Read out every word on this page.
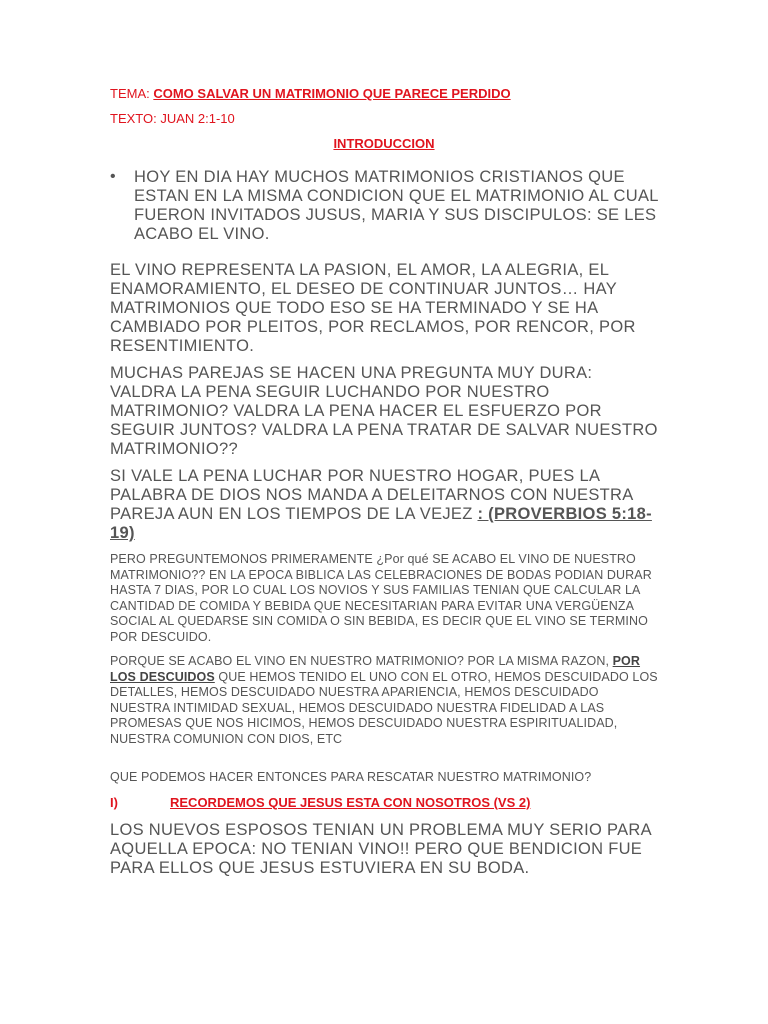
TEMA: COMO SALVAR UN MATRIMONIO QUE PARECE PERDIDO
TEXTO: JUAN 2:1-10
INTRODUCCION
• HOY EN DIA HAY MUCHOS MATRIMONIOS CRISTIANOS QUE ESTAN EN LA MISMA CONDICION QUE EL MATRIMONIO AL CUAL FUERON INVITADOS JUSUS, MARIA Y SUS DISCIPULOS: SE LES ACABO EL VINO.
EL VINO REPRESENTA LA PASION, EL AMOR, LA ALEGRIA, EL ENAMORAMIENTO, EL DESEO DE CONTINUAR JUNTOS… HAY MATRIMONIOS QUE TODO ESO SE HA TERMINADO Y SE HA CAMBIADO POR PLEITOS, POR RECLAMOS, POR RENCOR, POR RESENTIMIENTO.
MUCHAS PAREJAS SE HACEN UNA PREGUNTA MUY DURA: VALDRA LA PENA SEGUIR LUCHANDO POR NUESTRO MATRIMONIO? VALDRA LA PENA HACER EL ESFUERZO POR SEGUIR JUNTOS? VALDRA LA PENA TRATAR DE SALVAR NUESTRO MATRIMONIO??
SI VALE LA PENA LUCHAR POR NUESTRO HOGAR, PUES LA PALABRA DE DIOS NOS MANDA A DELEITARNOS CON NUESTRA PAREJA AUN EN LOS TIEMPOS DE LA VEJEZ : (PROVERBIOS 5:18-19)
PERO PREGUNTEMONOS PRIMERAMENTE ¿Por qué SE ACABO EL VINO DE NUESTRO MATRIMONIO?? EN LA EPOCA BIBLICA LAS CELEBRACIONES DE BODAS PODIAN DURAR HASTA 7 DIAS, POR LO CUAL LOS NOVIOS Y SUS FAMILIAS TENIAN QUE CALCULAR LA CANTIDAD DE COMIDA Y BEBIDA QUE NECESITARIAN PARA EVITAR UNA VERGÜENZA SOCIAL AL QUEDARSE SIN COMIDA O SIN BEBIDA, ES DECIR QUE EL VINO SE TERMINO POR DESCUIDO.
PORQUE SE ACABO EL VINO EN NUESTRO MATRIMONIO? POR LA MISMA RAZON, POR LOS DESCUIDOS QUE HEMOS TENIDO EL UNO CON EL OTRO, HEMOS DESCUIDADO LOS DETALLES, HEMOS DESCUIDADO NUESTRA APARIENCIA, HEMOS DESCUIDADO NUESTRA INTIMIDAD SEXUAL, HEMOS DESCUIDADO NUESTRA FIDELIDAD A LAS PROMESAS QUE NOS HICIMOS, HEMOS DESCUIDADO NUESTRA ESPIRITUALIDAD, NUESTRA COMUNION CON DIOS, ETC
QUE PODEMOS HACER ENTONCES PARA RESCATAR NUESTRO MATRIMONIO?
I)	RECORDEMOS QUE JESUS ESTA CON NOSOTROS (VS 2)
LOS NUEVOS ESPOSOS TENIAN UN PROBLEMA MUY SERIO PARA AQUELLA EPOCA: NO TENIAN VINO!! PERO QUE BENDICION FUE PARA ELLOS QUE JESUS ESTUVIERA EN SU BODA.
